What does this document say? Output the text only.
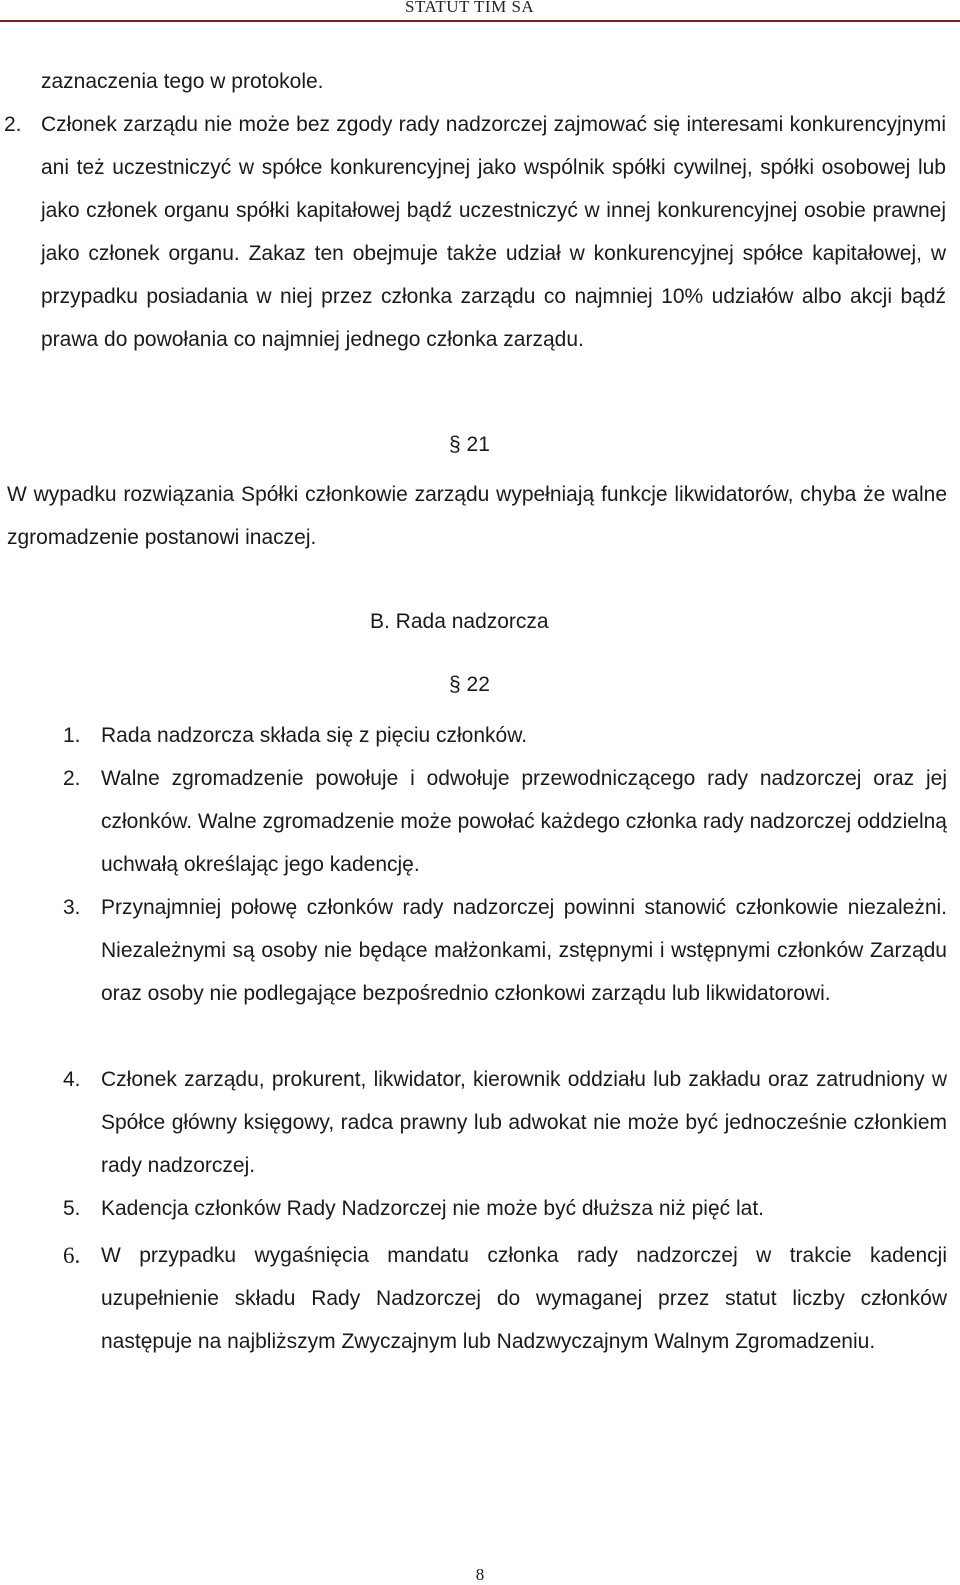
STATUT TIM SA
zaznaczenia tego w protokole.
2. Członek zarządu nie może bez zgody rady nadzorczej zajmować się interesami konkurencyjnymi ani też uczestniczyć w spółce konkurencyjnej jako wspólnik spółki cywilnej, spółki osobowej lub jako członek organu spółki kapitałowej bądź uczestniczyć w innej konkurencyjnej osobie prawnej jako członek organu. Zakaz ten obejmuje także udział w konkurencyjnej spółce kapitałowej, w przypadku posiadania w niej przez członka zarządu co najmniej 10% udziałów albo akcji bądź prawa do powołania co najmniej jednego członka zarządu.
§ 21
W wypadku rozwiązania Spółki członkowie zarządu wypełniają funkcje likwidatorów, chyba że walne zgromadzenie postanowi inaczej.
B. Rada nadzorcza
§ 22
1. Rada nadzorcza składa się z pięciu członków.
2. Walne zgromadzenie powołuje i odwołuje przewodniczącego rady nadzorczej oraz jej członków. Walne zgromadzenie może powołać każdego członka rady nadzorczej oddzielną uchwałą określając jego kadencję.
3. Przynajmniej połowę członków rady nadzorczej powinni stanowić członkowie niezależni. Niezależnymi są osoby nie będące małżonkami, zstępnymi i wstępnymi członków Zarządu oraz osoby nie podlegające bezpośrednio członkowi zarządu lub likwidatorowi.
4. Członek zarządu, prokurent, likwidator, kierownik oddziału lub zakładu oraz zatrudniony w Spółce główny księgowy, radca prawny lub adwokat nie może być jednocześnie członkiem rady nadzorczej.
5. Kadencja członków Rady Nadzorczej nie może być dłuższa niż pięć lat.
6. W przypadku wygaśnięcia mandatu członka rady nadzorczej w trakcie kadencji uzupełnienie składu Rady Nadzorczej do wymaganej przez statut liczby członków następuje na najbliższym Zwyczajnym lub Nadzwyczajnym Walnym Zgromadzeniu.
8
